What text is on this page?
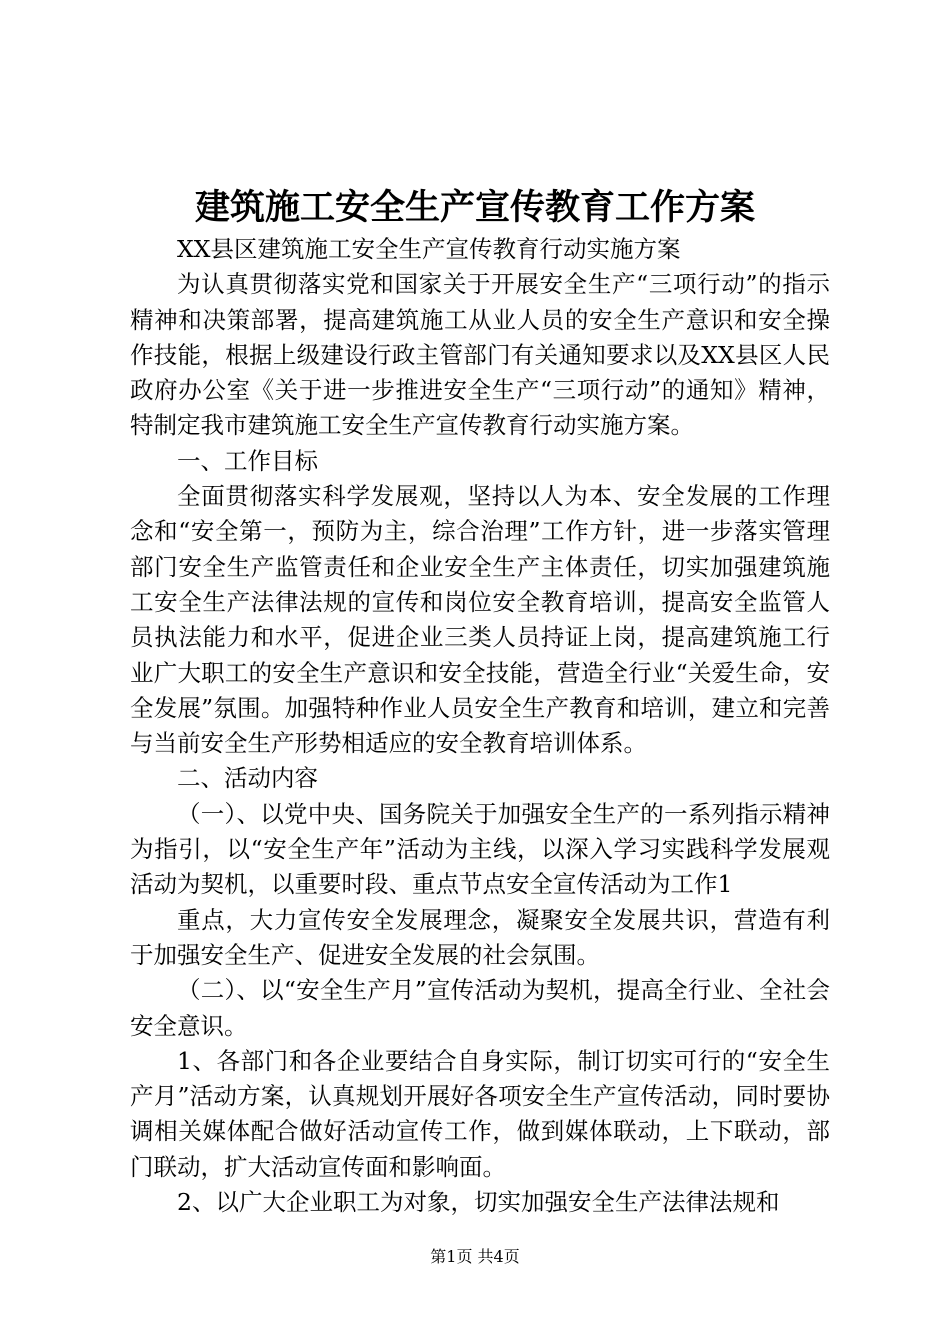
建筑施工安全生产宣传教育工作方案

XX县区建筑施工安全生产宣传教育行动实施方案

为认真贯彻落实党和国家关于开展安全生产“三项行动”的指示精神和决策部署，提高建筑施工从业人员的安全生产意识和安全操作技能，根据上级建设行政主管部门有关通知要求以及XX县区人民政府办公室《关于进一步推进安全生产“三项行动”的通知》精神，特制定我市建筑施工安全生产宣传教育行动实施方案。

一、工作目标

全面贯彻落实科学发展观，坚持以人为本、安全发展的工作理念和“安全第一，预防为主，综合治理”工作方针，进一步落实管理部门安全生产监管责任和企业安全生产主体责任，切实加强建筑施工安全生产法律法规的宣传和岗位安全教育培训，提高安全监管人员执法能力和水平，促进企业三类人员持证上岗，提高建筑施工行业广大职工的安全生产意识和安全技能，营造全行业“关爱生命，安全发展”氛围。加强特种作业人员安全生产教育和培训，建立和完善与当前安全生产形势相适应的安全教育培训体系。

二、活动内容

（一）、以党中央、国务院关于加强安全生产的一系列指示精神为指引，以“安全生产年”活动为主线，以深入学习实践科学发展观活动为契机，以重要时段、重点节点安全宣传活动为工作1

重点，大力宣传安全发展理念，凝聚安全发展共识，营造有利于加强安全生产、促进安全发展的社会氛围。

（二）、以“安全生产月”宣传活动为契机，提高全行业、全社会安全意识。

1、各部门和各企业要结合自身实际，制订切实可行的“安全生产月”活动方案，认真规划开展好各项安全生产宣传活动，同时要协调相关媒体配合做好活动宣传工作，做到媒体联动，上下联动，部门联动，扩大活动宣传面和影响面。

2、以广大企业职工为对象，切实加强安全生产法律法规和

第1页 共4页
